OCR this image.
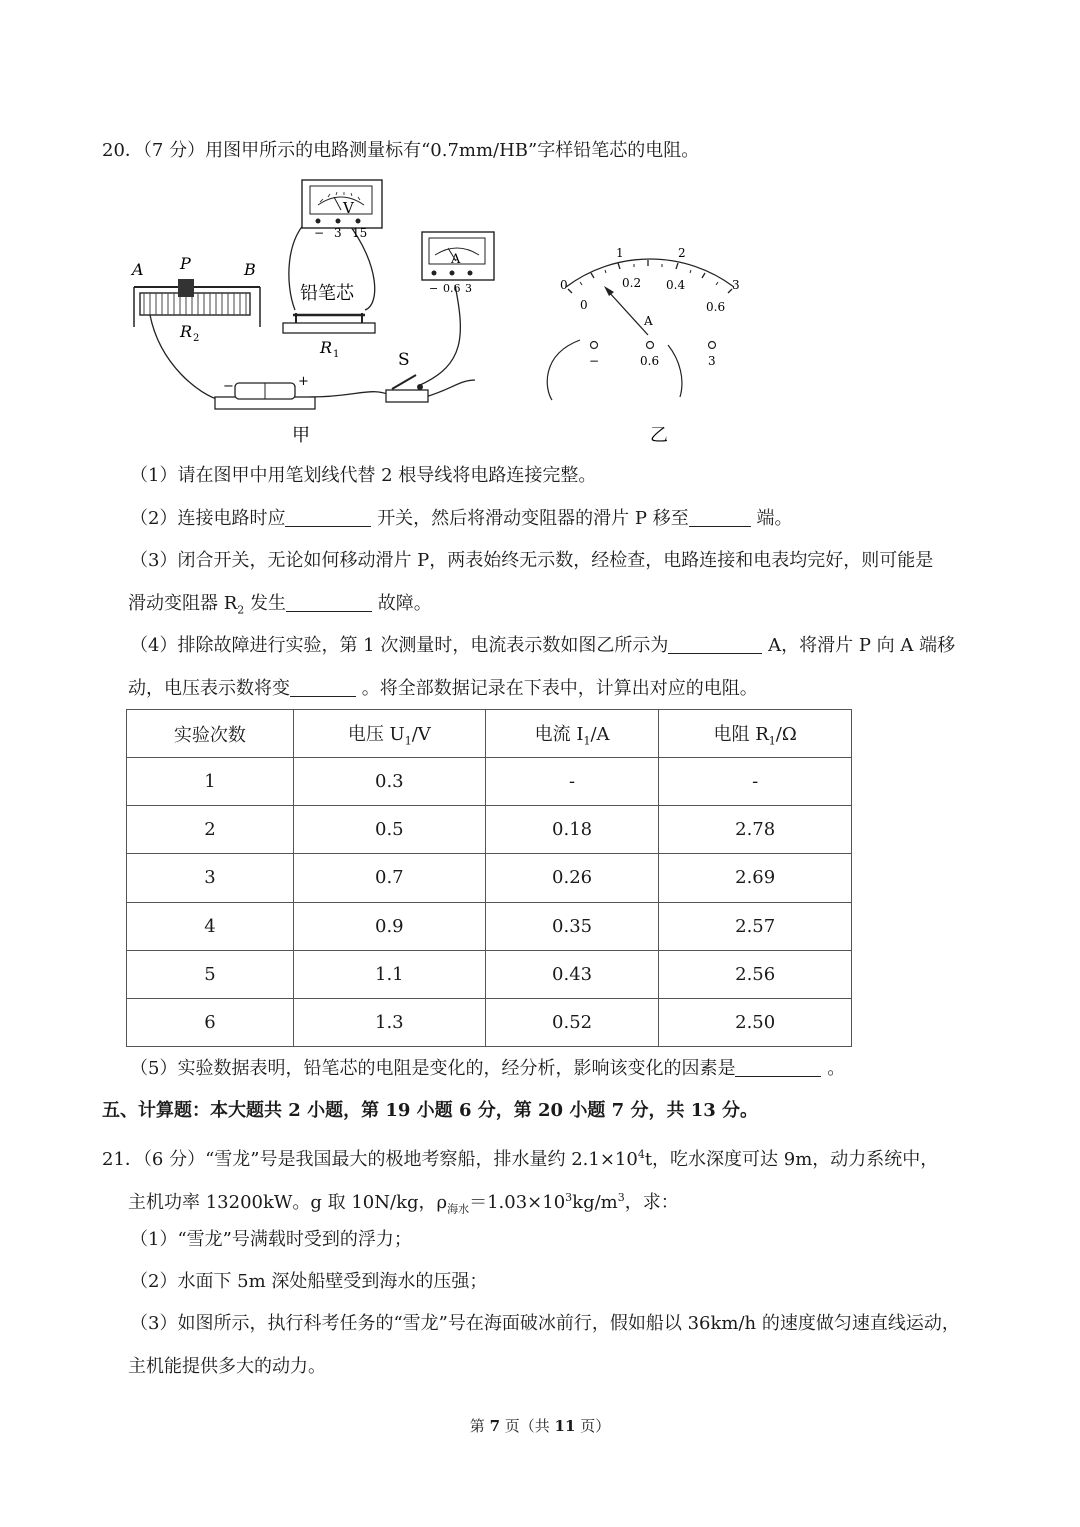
20．（7 分）用图甲所示的电路测量标有“0.7mm/HB”字样铅笔芯的电阻。
V
− 3 15
A
− 0.6 3
A	B
P
R 2
铅笔芯
R 1
−	+
S
甲
0
1	2
3
0
0.2 0.4
0.6
A
−	0.6	3
乙
（1）请在图甲中用笔划线代替 2 根导线将电路连接完整。
（2）连接电路时应	开关，然后将滑动变阻器的滑片 P 移至	端。
（3）闭合开关，无论如何移动滑片 P，两表始终无示数，经检查，电路连接和电表均完好，则可能是
滑动变阻器 $R_2$ 发生	故障。
（4）排除故障进行实验，第 1 次测量时，电流表示数如图乙所示为	A，将滑片 P 向 A 端移
动，电压表示数将变	。将全部数据记录在下表中，计算出对应的电阻。
实验次数	电压 $U_1/V$	电流 $I_1/A$	电阻 $R_1/\Omega$
1	0.3	-	-
2	0.5	0.18	2.78
3	0.7	0.26	2.69
4	0.9	0.35	2.57
5	1.1	0.43	2.56
6	1.3	0.52	2.50
（5）实验数据表明，铅笔芯的电阻是变化的，经分析，影响该变化的因素是	。
五、计算题：本大题共 2 小题，第 19 小题 6 分，第 20 小题 7 分，共 13 分。
21．（6 分）“雪龙”号是我国最大的极地考察船，排水量约 $2.1\times 10^4t$，吃水深度可达 9m，动力系统中，
主机功率 13200kW。g 取 10N/kg，$\rho_{海水}=1.03\times 10^3kg/m^3$，求：
（1）“雪龙”号满载时受到的浮力；
（2）水面下 5m 深处船壁受到海水的压强；
（3）如图所示，执行科考任务的“雪龙”号在海面破冰前行，假如船以 36km/h 的速度做匀速直线运动，
主机能提供多大的动力。
第 7 页（共 11 页）
